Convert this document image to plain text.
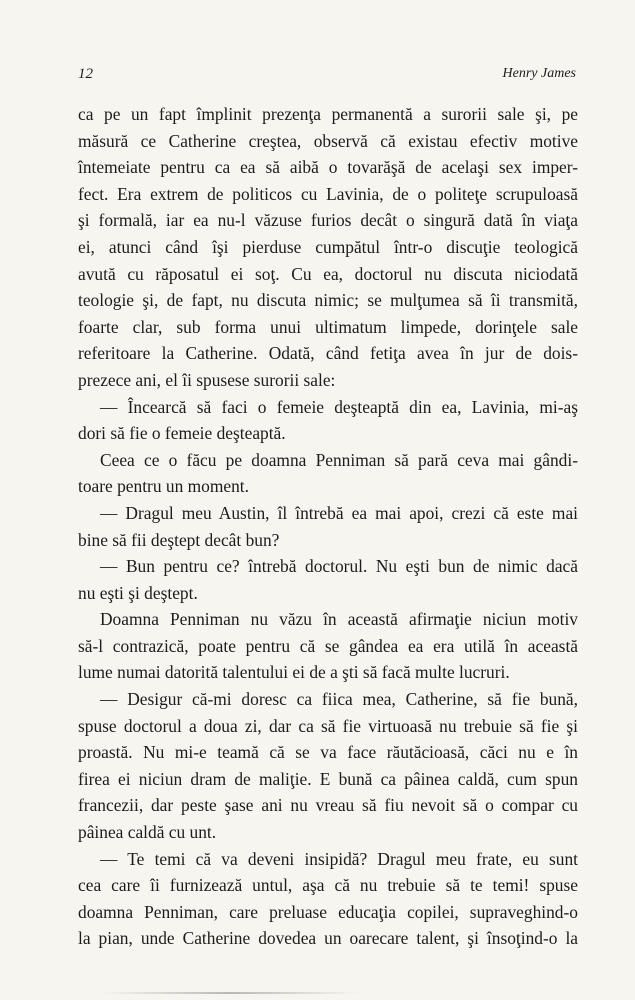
12	Henry James
ca pe un fapt împlinit prezenţa permanentă a surorii sale şi, pe
măsură ce Catherine creştea, observă că existau efectiv motive
întemeiate pentru ca ea să aibă o tovarăşă de acelaşi sex imper-
fect. Era extrem de politicos cu Lavinia, de o politeţe scrupuloasă
şi formală, iar ea nu-l văzuse furios decât o singură dată în viaţa
ei, atunci când îşi pierduse cumpătul într-o discuţie teologică
avută cu răposatul ei soţ. Cu ea, doctorul nu discuta niciodată
teologie şi, de fapt, nu discuta nimic; se mulţumea să îi transmită,
foarte clar, sub forma unui ultimatum limpede, dorinţele sale
referitoare la Catherine. Odată, când fetiţa avea în jur de dois-
prezece ani, el îi spusese surorii sale:
— Încearcă să faci o femeie deşteaptă din ea, Lavinia, mi-aş
dori să fie o femeie deşteaptă.
Ceea ce o făcu pe doamna Penniman să pară ceva mai gândi-
toare pentru un moment.
— Dragul meu Austin, îl întrebă ea mai apoi, crezi că este mai
bine să fii deştept decât bun?
— Bun pentru ce? întrebă doctorul. Nu eşti bun de nimic dacă
nu eşti şi deştept.
Doamna Penniman nu văzu în această afirmaţie niciun motiv
să-l contrazică, poate pentru că se gândea ea era utilă în această
lume numai datorită talentului ei de a şti să facă multe lucruri.
— Desigur că-mi doresc ca fiica mea, Catherine, să fie bună,
spuse doctorul a doua zi, dar ca să fie virtuoasă nu trebuie să fie şi
proastă. Nu mi-e teamă că se va face răutăcioasă, căci nu e în
firea ei niciun dram de maliţie. E bună ca pâinea caldă, cum spun
francezii, dar peste şase ani nu vreau să fiu nevoit să o compar cu
pâinea caldă cu unt.
— Te temi că va deveni insipidă? Dragul meu frate, eu sunt
cea care îi furnizează untul, aşa că nu trebuie să te temi! spuse
doamna Penniman, care preluase educaţia copilei, supraveghind-o
la pian, unde Catherine dovedea un oarecare talent, şi însoţind-o la
